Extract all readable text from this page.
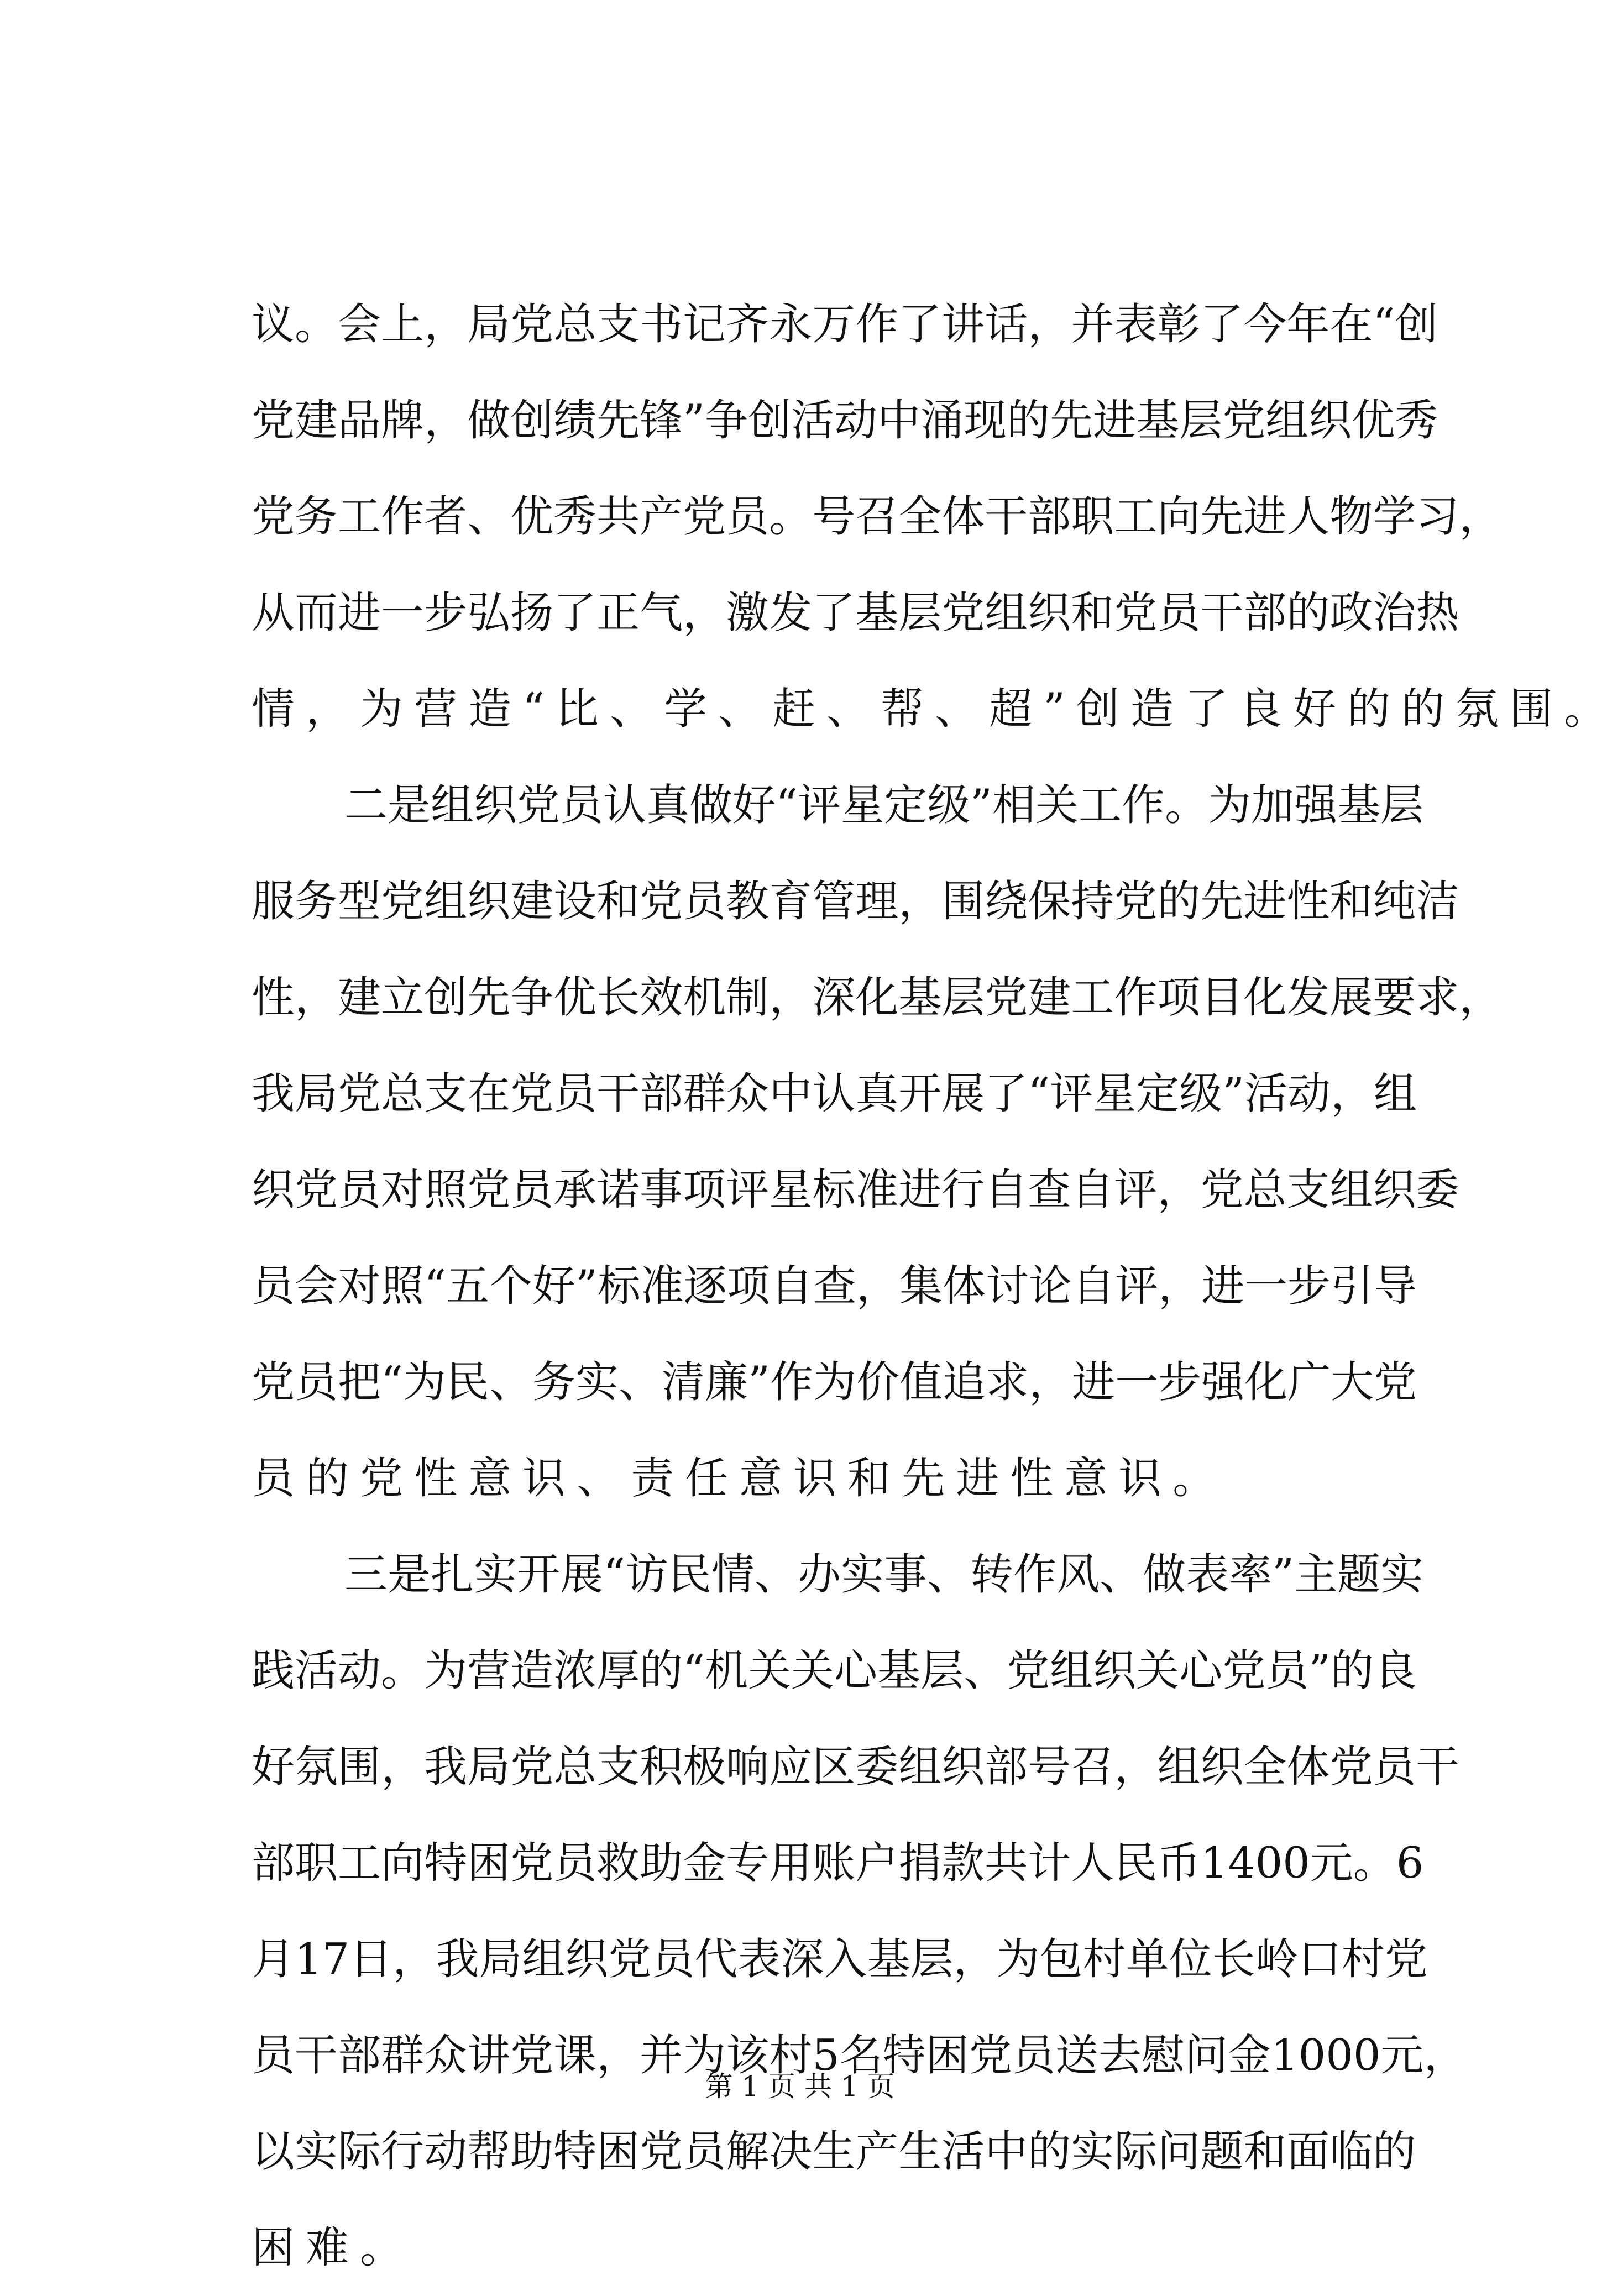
议 。 会 上 ， 局 党 总 支 书 记 齐 永 万 作 了 讲 话 ， 并 表 彰 了 今 年 在 “ 创
党 建 品 牌 ， 做 创 绩 先 锋 ” 争 创 活 动 中 涌 现 的 先 进 基 层 党 组 织 优 秀
党 务 工 作 者 、 优 秀 共 产 党 员 。 号 召 全 体 干 部 职 工 向 先 进 人 物 学 习 ，
从 而 进 一 步 弘 扬 了 正 气 ， 激 发 了 基 层 党 组 织 和 党 员 干 部 的 政 治 热
情 ， 为 营 造 “ 比 、 学 、 赶 、 帮 、 超 ” 创 造 了 良 好 的 的 氛 围 。
二 是 组 织 党 员 认 真 做 好 “ 评 星 定 级 ” 相 关 工 作 。 为 加 强 基 层
服 务 型 党 组 织 建 设 和 党 员 教 育 管 理 ， 围 绕 保 持 党 的 先 进 性 和 纯 洁
性 ， 建 立 创 先 争 优 长 效 机 制 ， 深 化 基 层 党 建 工 作 项 目 化 发 展 要 求 ，
我 局 党 总 支 在 党 员 干 部 群 众 中 认 真 开 展 了 “ 评 星 定 级 ” 活 动 ， 组
织 党 员 对 照 党 员 承 诺 事 项 评 星 标 准 进 行 自 查 自 评 ， 党 总 支 组 织 委
员 会 对 照 “ 五 个 好 ” 标 准 逐 项 自 查 ， 集 体 讨 论 自 评 ， 进 一 步 引 导
党 员 把 “ 为 民 、 务 实 、 清 廉 ” 作 为 价 值 追 求 ， 进 一 步 强 化 广 大 党
员 的 党 性 意 识 、 责 任 意 识 和 先 进 性 意 识 。
三 是 扎 实 开 展 “ 访 民 情 、 办 实 事 、 转 作 风 、 做 表 率 ” 主 题 实
践 活 动 。 为 营 造 浓 厚 的 “ 机 关 关 心 基 层 、 党 组 织 关 心 党 员 ” 的 良
好 氛 围 ， 我 局 党 总 支 积 极 响 应 区 委 组 织 部 号 召 ， 组 织 全 体 党 员 干
部 职 工 向 特 困 党 员 救 助 金 专 用 账 户 捐 款 共 计 人 民 币 1400 元 。 6
月 17 日 ， 我 局 组 织 党 员 代 表 深 入 基 层 ， 为 包 村 单 位 长 岭 口 村 党
员 干 部 群 众 讲 党 课 ， 并 为 该 村 5 名 特 困 党 员 送 去 慰 问 金 1000 元 ，
以 实 际 行 动 帮 助 特 困 党 员 解 决 生 产 生 活 中 的 实 际 问 题 和 面 临 的
困 难 。
第 1 页 共 1 页
